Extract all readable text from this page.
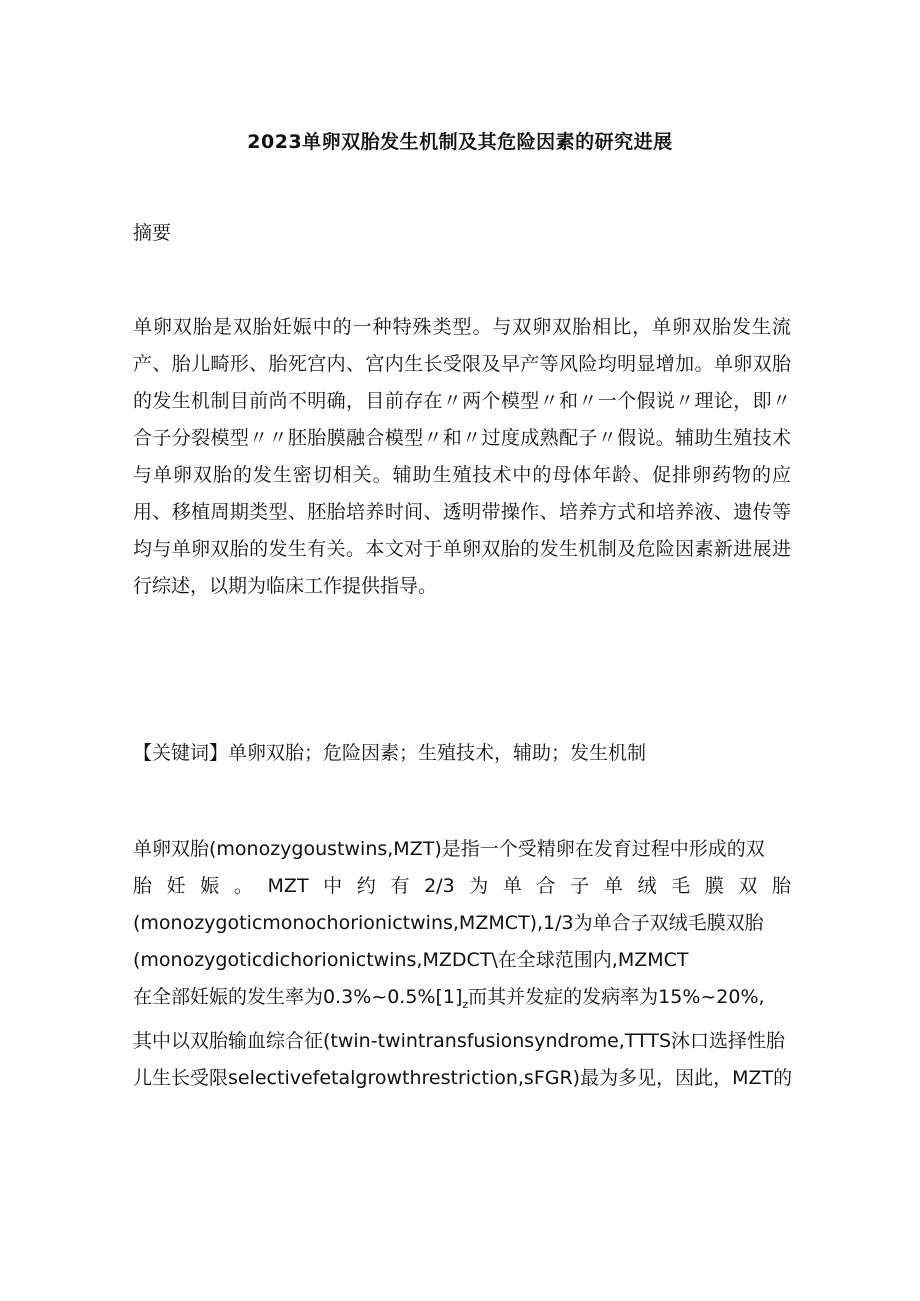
2023单卵双胎发生机制及其危险因素的研究进展
摘要
单卵双胎是双胎妊娠中的一种特殊类型。与双卵双胎相比，单卵双胎发生流产、胎儿畸形、胎死宫内、宫内生长受限及早产等风险均明显增加。单卵双胎的发生机制目前尚不明确，目前存在〃两个模型〃和〃一个假说〃理论，即〃合子分裂模型〃〃胚胎膜融合模型〃和〃过度成熟配子〃假说。辅助生殖技术与单卵双胎的发生密切相关。辅助生殖技术中的母体年龄、促排卵药物的应用、移植周期类型、胚胎培养时间、透明带操作、培养方式和培养液、遗传等均与单卵双胎的发生有关。本文对于单卵双胎的发生机制及危险因素新进展进行综述，以期为临床工作提供指导。
【关键词】单卵双胎；危险因素；生殖技术，辅助；发生机制
单卵双胎(monozygoustwins,MZT)是指一个受精卵在发育过程中形成的双
胎妊娠。MZT中约有2/3为单合子单绒毛膜双胎
(monozygoticmonochorionictwins,MZMCT),1/3为单合子双绒毛膜双胎
(monozygoticdichorionictwins,MZDCT\在全球范围内,MZMCT
在全部妊娠的发生率为$0.3\%\sim 0.5\%[1]_z$而其并发症的发病率为15%~20%,
其中以双胎输血综合征(twin-twintransfusionsyndrome,TTTS沐口选择性胎
儿生长受限selectivefetalgrowthrestriction,sFGR)最为多见，因此，MZT的
